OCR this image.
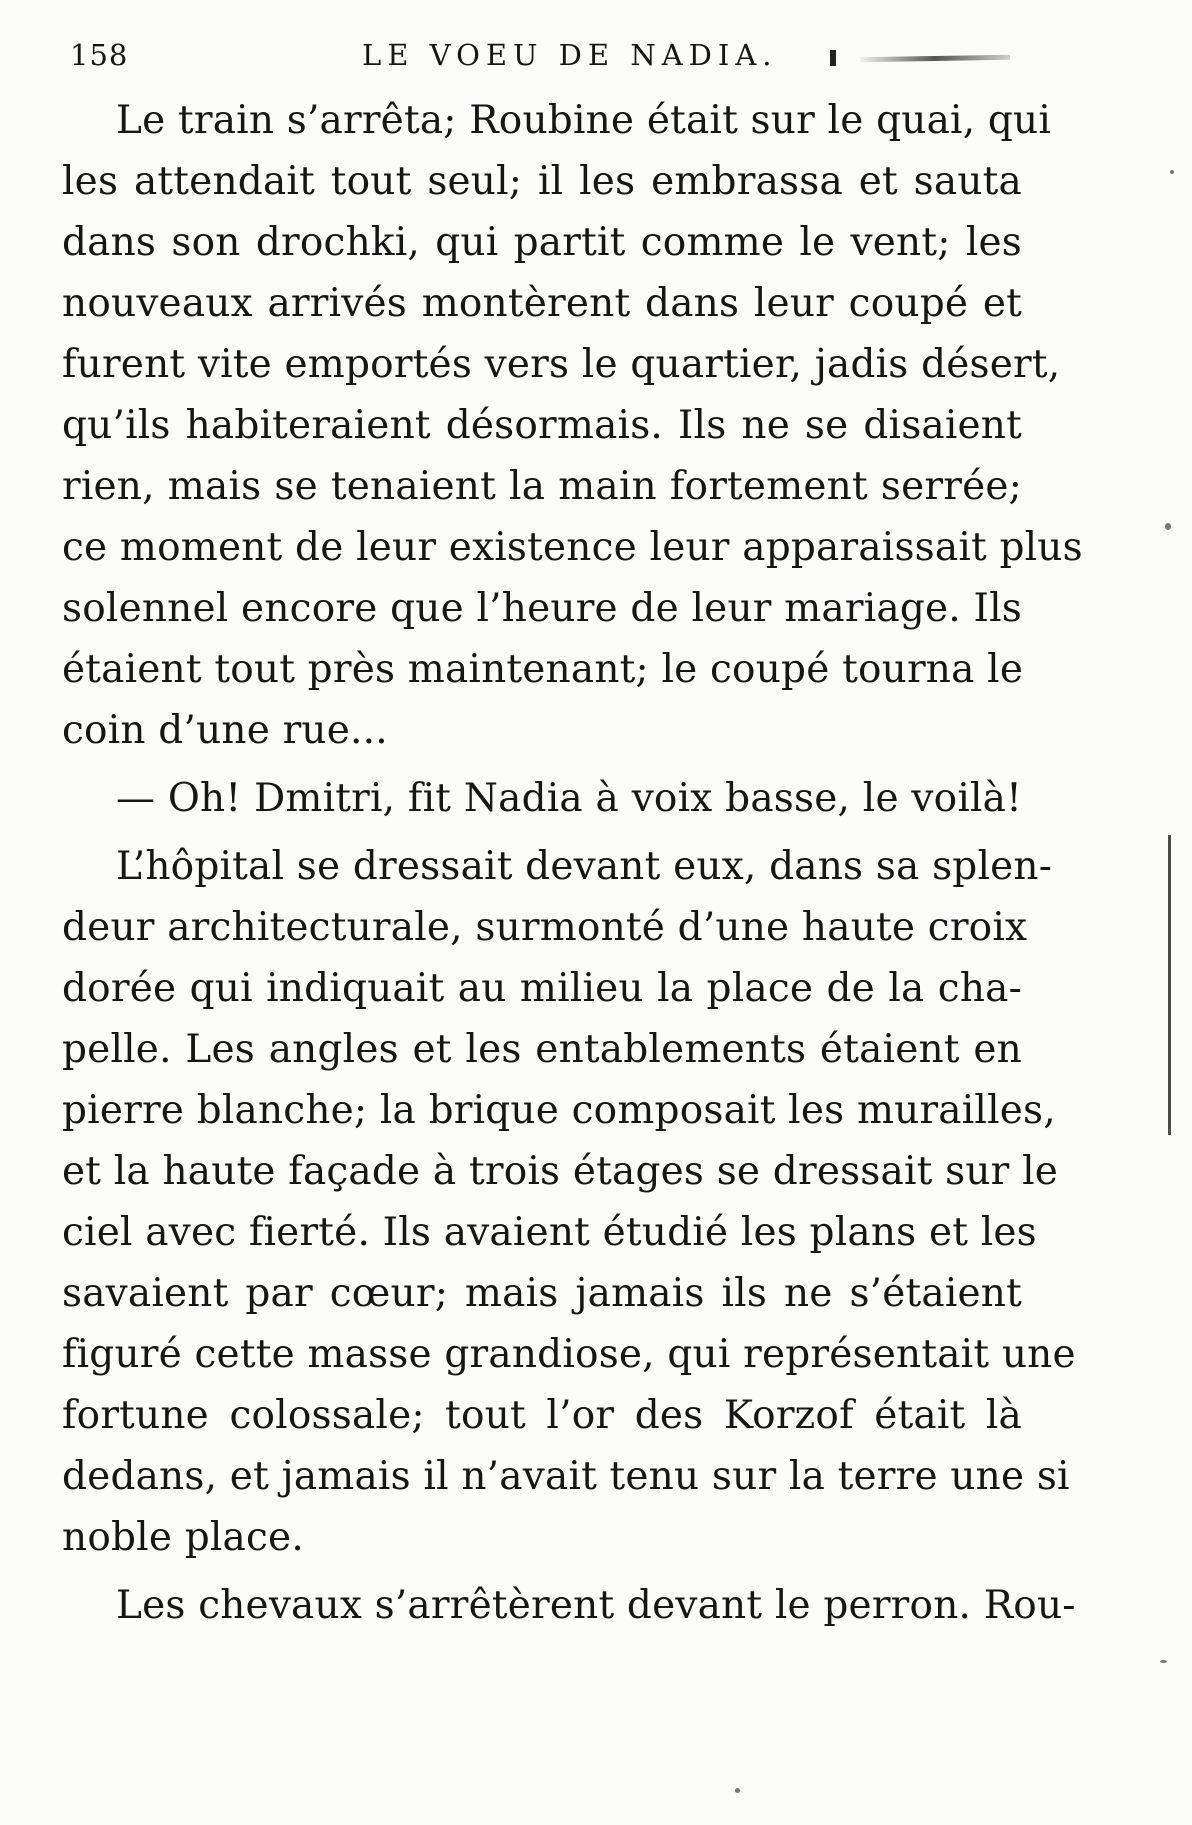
158	LE VOEU DE NADIA.
Le train s’arrêta; Roubine était sur le quai, qui
les attendait tout seul; il les embrassa et sauta
dans son drochki, qui partit comme le vent; les
nouveaux arrivés montèrent dans leur coupé et
furent vite emportés vers le quartier, jadis désert,
qu’ils habiteraient désormais. Ils ne se disaient
rien, mais se tenaient la main fortement serrée;
ce moment de leur existence leur apparaissait plus
solennel encore que l’heure de leur mariage. Ils
étaient tout près maintenant; le coupé tourna le
coin d’une rue...
— Oh! Dmitri, fit Nadia à voix basse, le voilà!
L’hôpital se dressait devant eux, dans sa splen-
deur architecturale, surmonté d’une haute croix
dorée qui indiquait au milieu la place de la cha-
pelle. Les angles et les entablements étaient en
pierre blanche; la brique composait les murailles,
et la haute façade à trois étages se dressait sur le
ciel avec fierté. Ils avaient étudié les plans et les
savaient par cœur; mais jamais ils ne s’étaient
figuré cette masse grandiose, qui représentait une
fortune colossale; tout l’or des Korzof était là
dedans, et jamais il n’avait tenu sur la terre une si
noble place.
Les chevaux s’arrêtèrent devant le perron. Rou-
